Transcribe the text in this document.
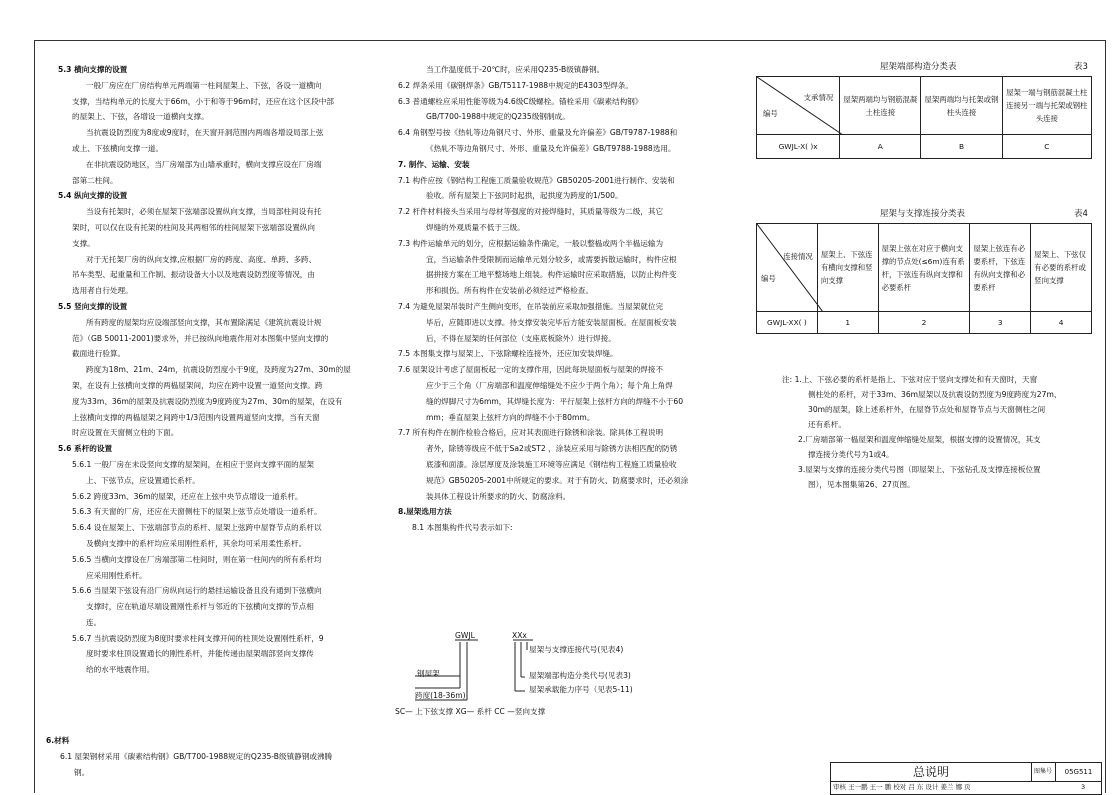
5.3 横向支撑的设置

一般厂房应在厂房结构单元两端第一柱间屋架上、下弦，各设一道横向

支撑，当结构单元的长度大于66m，小于和等于96m时，还应在这个区段中部

的屋架上、下弦，各增设一道横向支撑。

当抗震设防烈度为8度或9度时，在天窗开洞范围内两端各增设局部上弦

或上、下弦横向支撑一道。

在非抗震设防地区，当厂房端部为山墙承重时，横向支撑应设在厂房端

部第二柱间。

5.4 纵向支撑的设置

当设有托架时，必须在屋架下弦端部设置纵向支撑，当局部柱间设有托

架时，可以仅在设有托架的柱间及其两相邻的柱间屋架下弦端部设置纵向

支撑。

对于无托架厂房的纵向支撑,应根据厂房的跨度、高度、单跨、多跨、

吊车类型、起重量和工作制、振动设备大小以及地震设防烈度等情况，由

选用者自行处理。

5.5 竖向支撑的设置

所有跨度的屋架均应设端部竖向支撑，其布置除满足《建筑抗震设计规

范》（GB 50011-2001)要求外，并已按纵向地震作用对本图集中竖向支撑的

截面进行验算。

跨度为18m、21m、24m，抗震设防烈度小于9度，及跨度为27m、30m的屋

架，在设有上弦横向支撑的两榀屋架间，均应在跨中设置一道竖向支撑。跨

度为33m、36m的屋架及抗震设防烈度为9度跨度为27m、30m的屋架，在设有

上弦横向支撑的两榀屋架之间跨中1/3范围内设置两道竖向支撑，当有天窗

时应设置在天窗侧立柱的下面。

5.6 系杆的设置

5.6.1 一般厂房在未设竖向支撑的屋架间，在相应于竖向支撑平面的屋架

上、下弦节点，应设置通长系杆。

5.6.2 跨度33m、36m的屋架，还应在上弦中央节点增设一道系杆。

5.6.3 有天窗的厂房，还应在天窗侧柱下的屋架上弦节点处增设一道系杆。

5.6.4 设在屋架上、下弦端部节点的系杆、屋架上弦跨中屋脊节点的系杆以

及横向支撑中的系杆均应采用刚性系杆，其余均可采用柔性系杆。

5.6.5 当横向支撑设在厂房端部第二柱间时，则在第一柱间内的所有系杆均

应采用刚性系杆。

5.6.6 当屋架下弦设有沿厂房纵向运行的悬挂运输设备且没有通到下弦横向

支撑时，应在轨道尽端设置刚性系杆与邻近的下弦横向支撑的节点相

连。

5.6.7 当抗震设防烈度为8度时要求柱间支撑开间的柱顶处设置刚性系杆，9

度时要求柱顶设置通长的刚性系杆，并能传递由屋架端部竖向支撑传

给的水平地震作用。

6.材料

6.1 屋架钢材采用《碳素结构钢》GB/T700-1988规定的Q235-B级镇静钢或沸腾

钢。

当工作温度低于-20℃时，应采用Q235-B级镇静钢。

6.2 焊条采用《碳钢焊条》GB/T5117-1988中规定的E4303型焊条。

6.3 普通螺栓应采用性能等级为4.6级C级螺栓。锚栓采用《碳素结构钢》

GB/T700-1988中规定的Q235级钢制成。

6.4 角钢型号按《热轧等边角钢尺寸、外形、重量及允许偏差》GB/T9787-1988和

《热轧不等边角钢尺寸、外形、重量及允许偏差》GB/T9788-1988选用。

7. 制作、运输、安装

7.1 构件应按《钢结构工程施工质量验收规范》GB50205-2001进行制作、安装和

验收。所有屋架上下弦同时起拱，起拱度为跨度的1/500。

7.2 杆件材料接头当采用与母材等强度的对接焊缝时，其质量等级为二级，其它

焊缝的外观质量不低于三级。

7.3 构件运输单元的划分，应根据运输条件确定，一般以整榀或两个半榀运输为

宜，当运输条件受限制而运输单元划分较多，或需要拆散运输时，构件应根

据拼接方案在工地平整场地上组装。构件运输时应采取措施，以防止构件变

形和损伤。所有构件在安装前必须经过严格检查。

7.4 为避免屋架吊装时产生侧向变形，在吊装前应采取加强措施。当屋架就位完

毕后，应随即进以支撑。待支撑安装完毕后方能安装屋面板。在屋面板安装

后，不得在屋架的任何部位（支座底板除外）进行焊接。

7.5 本图集支撑与屋架上、下弦除螺栓连接外，还应加安装焊缝。

7.6 屋架设计考虑了屋面板起一定的支撑作用，因此每块屋面板与屋架的焊接不

应少于三个角（厂房端部和温度伸缩缝处不应少于两个角）；每个角上角焊

缝的焊脚尺寸为6mm，其焊缝长度为：平行屋架上弦杆方向的焊缝不小于60

mm；垂直屋架上弦杆方向的焊缝不小于80mm。

7.7 所有构件在制作检验合格后，应对其表面进行除锈和涂装。除具体工程说明

者外，除锈等级应不低于Sa2或ST2 ，涂装应采用与除锈方法相匹配的防锈

底漆和面漆。涂层厚度及涂装施工环境等应满足《钢结构工程施工质量验收

规范》GB50205-2001中所规定的要求。对于有防火、防腐要求时，还必须涂

装具体工程设计所要求的防火、防腐涂料。

8.屋架选用方法

8.1 本图集构件代号表示如下:

GWJL	XXx
屋架与支撑连接代号(见表4)
屋架端部构造分类代号(见表3)
屋架承载能力序号（见表5-11)
钢屋架
跨度(18-36m)
SC— 上下弦支撑 XG— 系杆 CC —竖向支撑
屋架端部构造分类表	表3
支承情况
编号	屋架两端均与钢筋混凝土柱连接	屋架两端均与托架或钢柱头连接	屋架一端与钢筋混凝土柱连接另一端与托架或钢柱头连接
GWJL-X( )x	A	B	C
屋架与支撑连接分类表	表4
连接情况
编号	屋架上、下弦连有横向支撑和竖向支撑	屋架上弦在对应于横向支撑的节点处(≤6m)连有系杆，下弦连有纵向支撑和必要系杆	屋架上弦连有必要系杆，下弦连有纵向支撑和必要系杆	屋架上、下弦仅有必要的系杆或竖向支撑
GWJL-XX( )	1	2	3	4

注: 1.上、下弦必要的系杆是指上、下弦对应于竖向支撑处和有天窗时，天窗

侧柱处的系杆，对于33m、36m屋架以及抗震设防烈度为9度跨度为27m、

30m的屋架，除上述系杆外，在屋脊节点处和屋脊节点与天窗侧柱之间

还有系杆。

2.厂房端部第一榀屋架和温度伸缩缝处屋架，根据支撑的设置情况，其支

撑连接分类代号为1或4。

3.屋架与支撑的连接分类代号图（即屋架上、下弦钻孔及支撑连接板位置

图），见本图集第26、27页图。

总说明	图集号	05G511
审核 王一鹏 王一 鹏 校对 吕 东 设计 姜兰 娜 页	3
